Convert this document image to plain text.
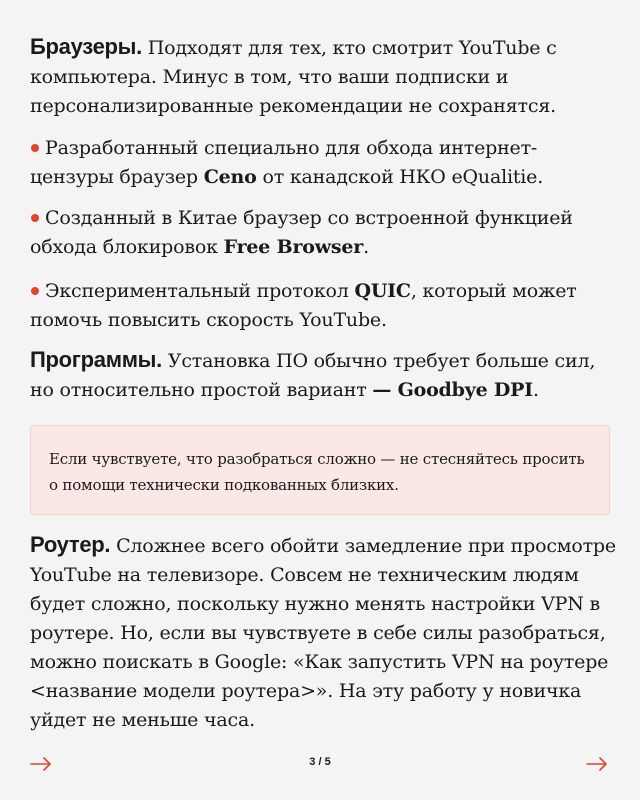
Браузеры. Подходят для тех, кто смотрит YouTube с компьютера. Минус в том, что ваши подписки и персонализированные рекомендации не сохранятся.
Разработанный специально для обхода интернет-цензуры браузер Ceno от канадской НКО eQualitie.
Созданный в Китае браузер со встроенной функцией обхода блокировок Free Browser.
Экспериментальный протокол QUIC, который может помочь повысить скорость YouTube.
Программы. Установка ПО обычно требует больше сил, но относительно простой вариант — Goodbye DPI.
Если чувствуете, что разобраться сложно — не стесняйтесь просить о помощи технически подкованных близких.
Роутер. Сложнее всего обойти замедление при просмотре YouTube на телевизоре. Совсем не техническим людям будет сложно, поскольку нужно менять настройки VPN в роутере. Но, если вы чувствуете в себе силы разобраться, можно поискать в Google: «Как запустить VPN на роутере <название модели роутера>». На эту работу у новичка уйдет не меньше часа.
3 / 5
